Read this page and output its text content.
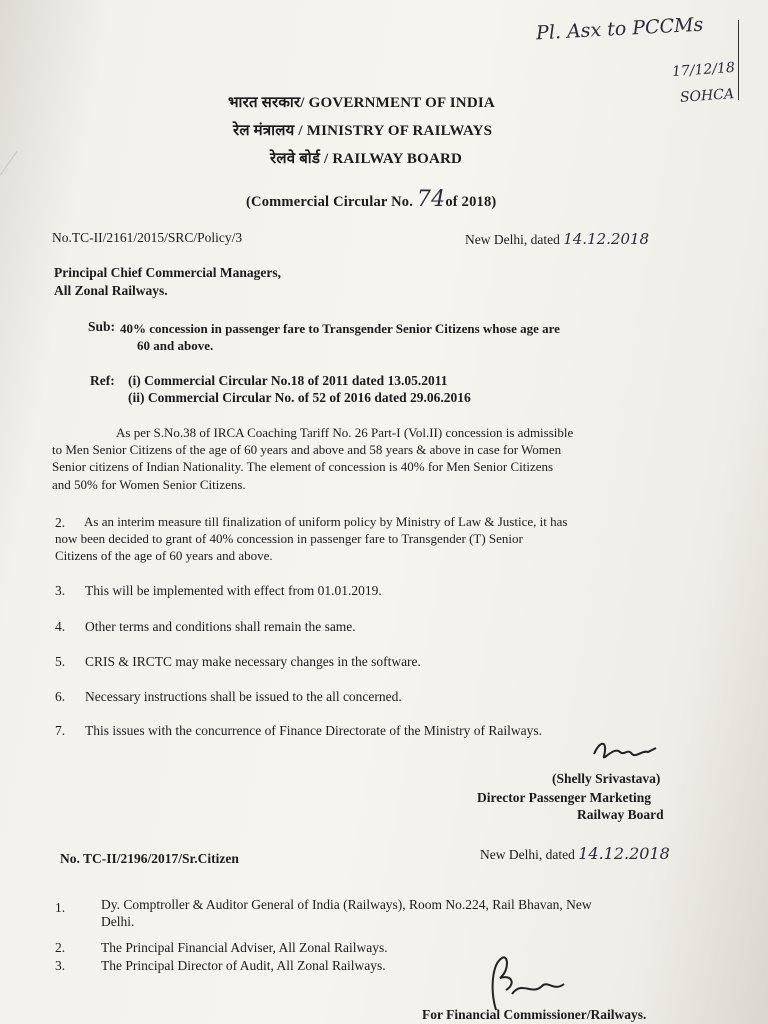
Pl. Asx to PCCMs
17/12/18
SOHCA
भारत सरकार/ GOVERNMENT OF INDIA
रेल मंत्रालय / MINISTRY OF RAILWAYS
रेलवे बोर्ड / RAILWAY BOARD
(Commercial Circular No. 74of 2018)
No.TC-II/2161/2015/SRC/Policy/3	New Delhi, dated 14.12.2018
Principal Chief Commercial Managers,
All Zonal Railways.
Sub: 40% concession in passenger fare to Transgender Senior Citizens whose age are
60 and above.
Ref: (i) Commercial Circular No.18 of 2011 dated 13.05.2011
(ii) Commercial Circular No. of 52 of 2016 dated 29.06.2016
As per S.No.38 of IRCA Coaching Tariff No. 26 Part-I (Vol.II) concession is admissible
to Men Senior Citizens of the age of 60 years and above and 58 years & above in case for Women
Senior citizens of Indian Nationality. The element of concession is 40% for Men Senior Citizens
and 50% for Women Senior Citizens.
2. As an interim measure till finalization of uniform policy by Ministry of Law & Justice, it has
now been decided to grant of 40% concession in passenger fare to Transgender (T) Senior
Citizens of the age of 60 years and above.
3. This will be implemented with effect from 01.01.2019.
4. Other terms and conditions shall remain the same.
5. CRIS & IRCTC may make necessary changes in the software.
6. Necessary instructions shall be issued to the all concerned.
7. This issues with the concurrence of Finance Directorate of the Ministry of Railways.
(Shelly Srivastava)
Director Passenger Marketing
Railway Board
No. TC-II/2196/2017/Sr.Citizen	New Delhi, dated 14.12.2018
1.	Dy. Comptroller & Auditor General of India (Railways), Room No.224, Rail Bhavan, New
Delhi.
2.	The Principal Financial Adviser, All Zonal Railways.
3.	The Principal Director of Audit, All Zonal Railways.
For Financial Commissioner/Railways.
